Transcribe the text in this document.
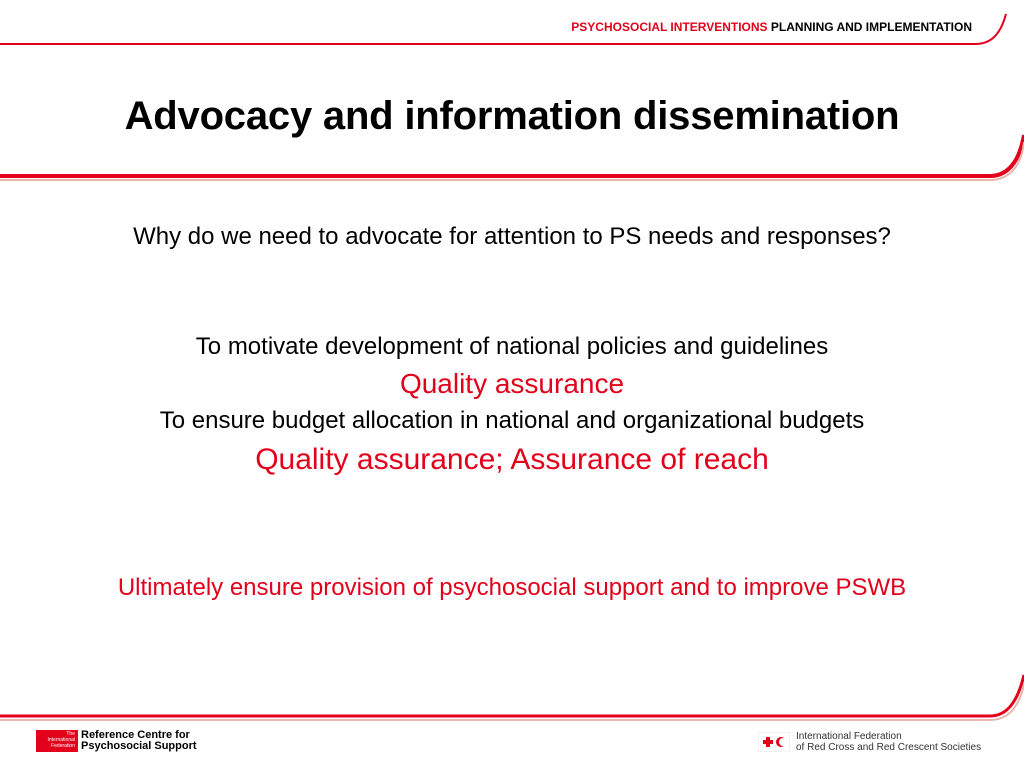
PSYCHOSOCIAL INTERVENTIONS PLANNING AND IMPLEMENTATION
Advocacy and information dissemination
Why do we need to advocate for attention to PS needs and responses?
To motivate development of national policies and guidelines
Quality assurance
To ensure budget allocation in national and organizational budgets
Quality assurance; Assurance of reach
Ultimately ensure provision of psychosocial support and to improve PSWB
The International Federation
Reference Centre for
Psychosocial Support
International Federation
of Red Cross and Red Crescent Societies
